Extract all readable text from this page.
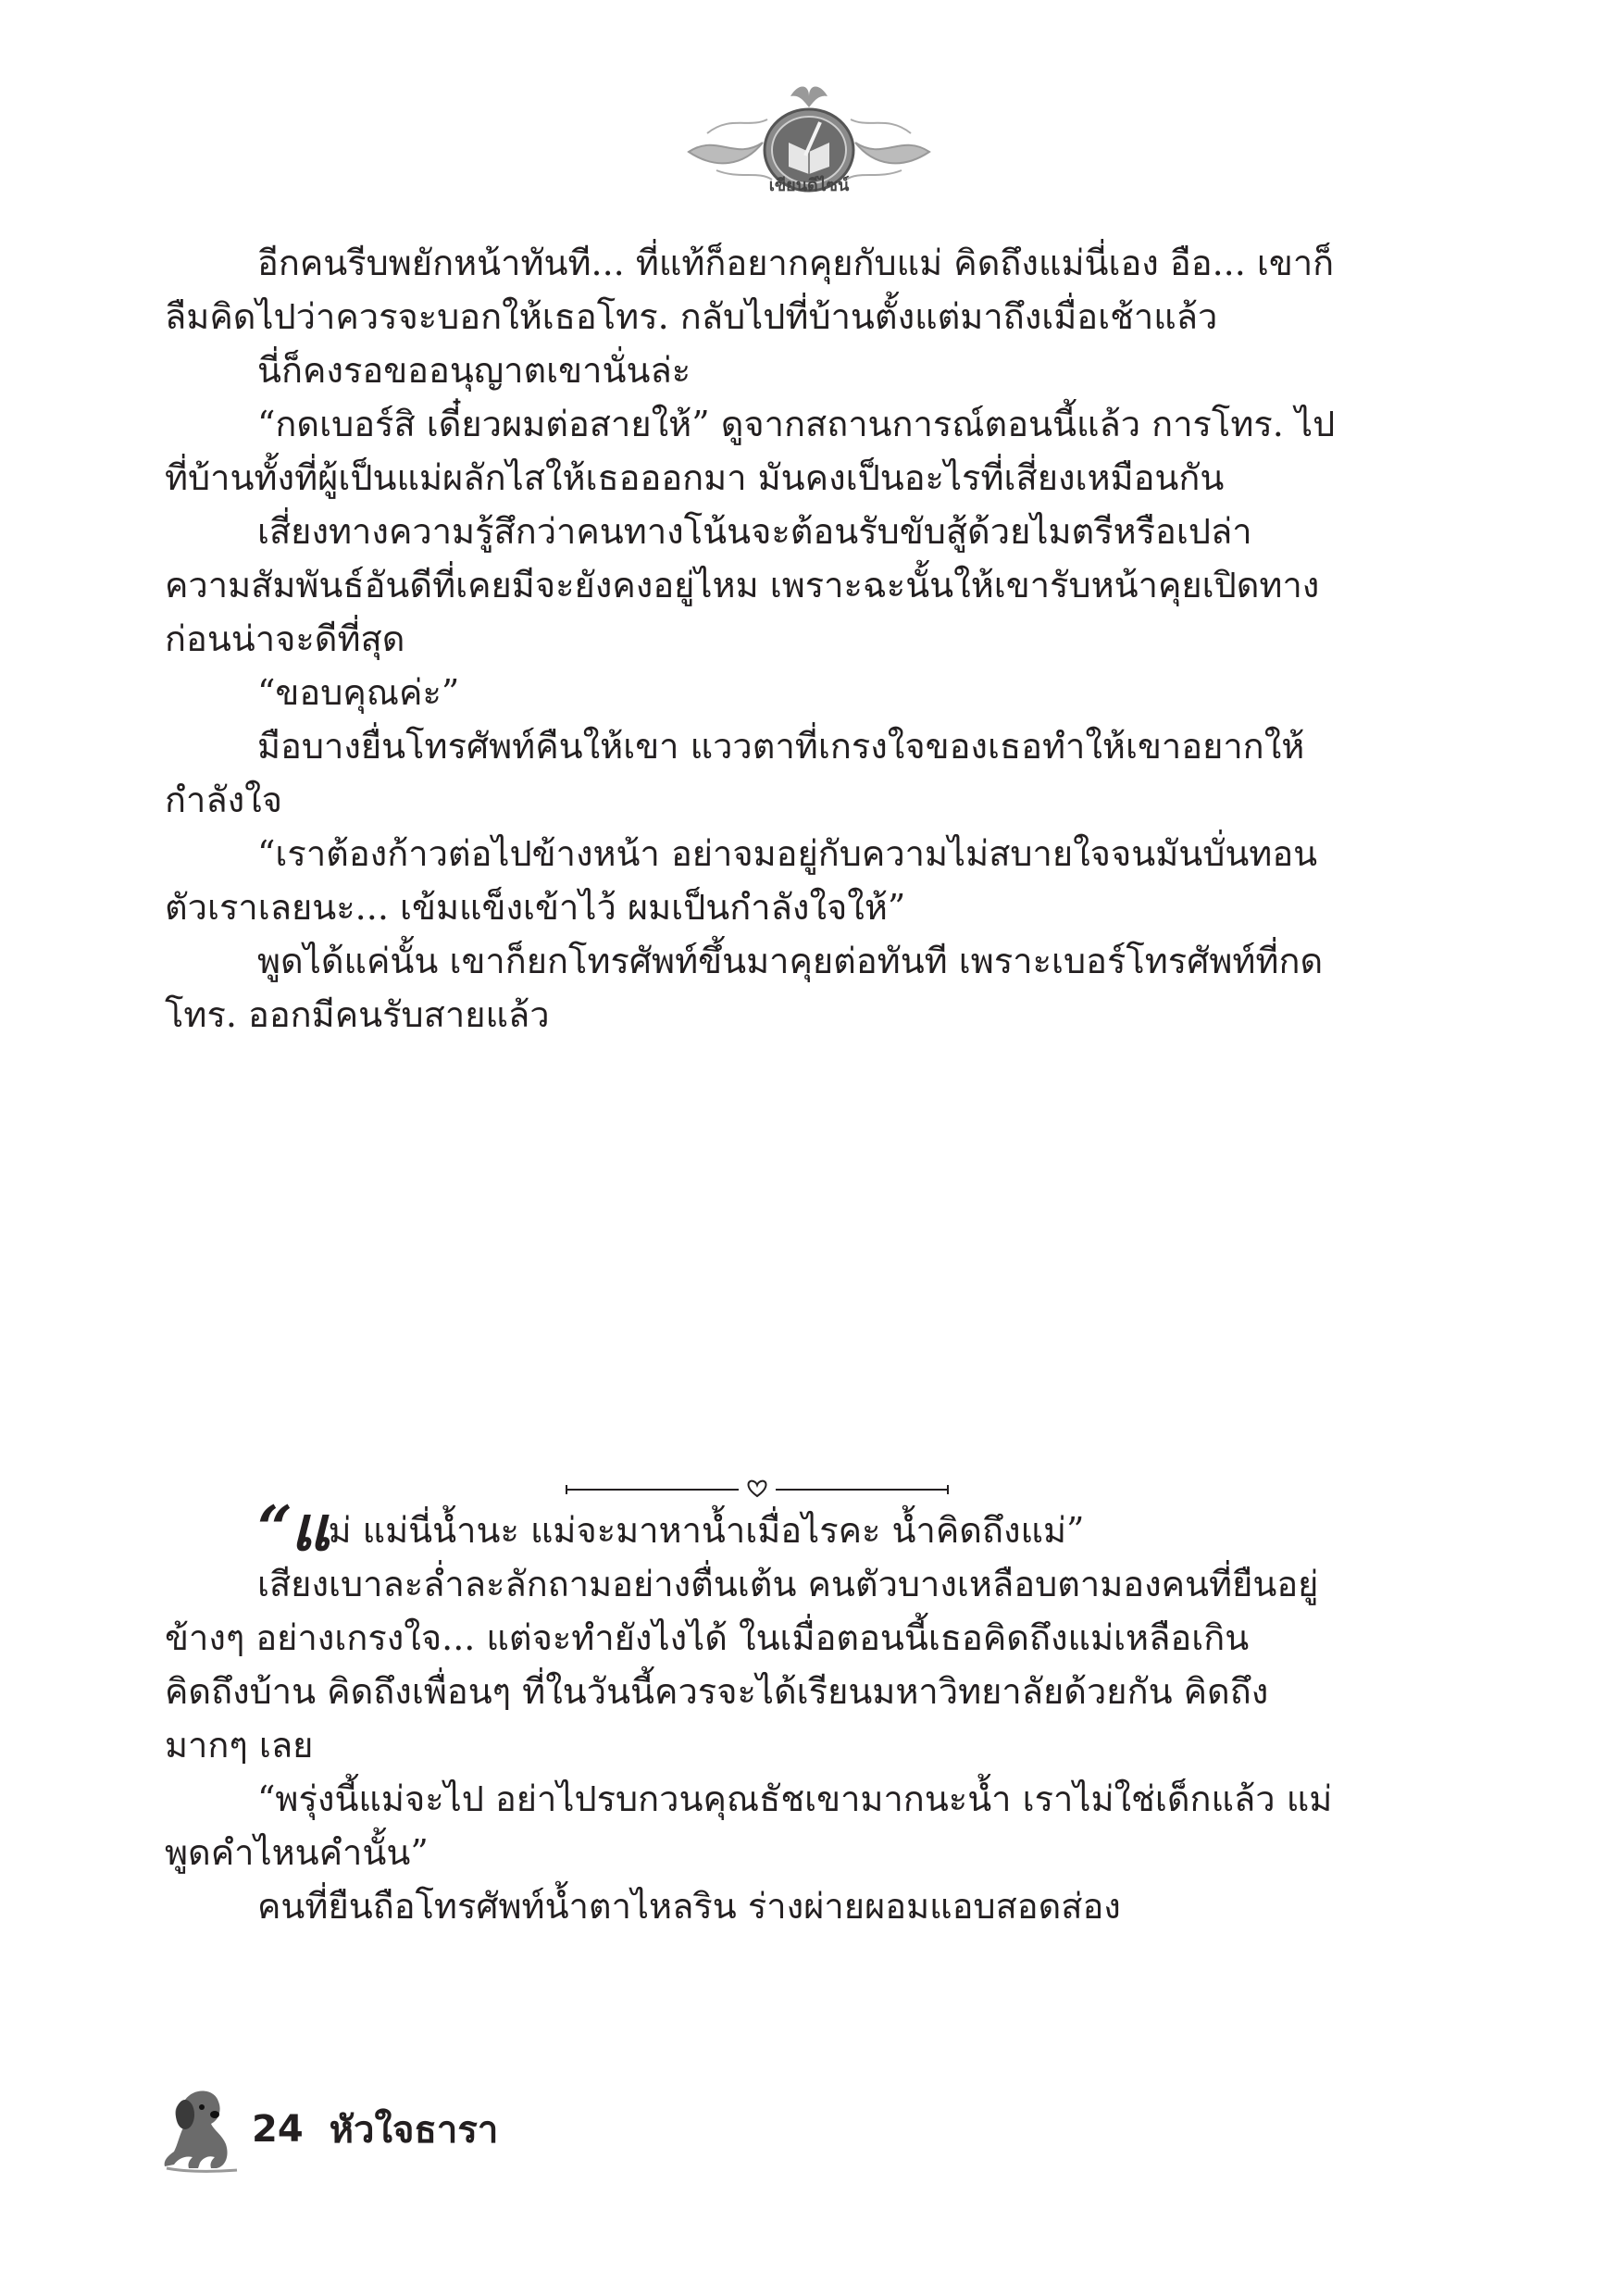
เขียนดีไซน์

อีกคนรีบพยักหน้าทันที... ที่แท้ก็อยากคุยกับแม่ คิดถึงแม่นี่เอง อือ... เขาก็ลืมคิดไปว่าควรจะบอกให้เธอโทร. กลับไปที่บ้านตั้งแต่มาถึงเมื่อเช้าแล้ว

นี่ก็คงรอขออนุญาตเขานั่นล่ะ

“กดเบอร์สิ เดี๋ยวผมต่อสายให้” ดูจากสถานการณ์ตอนนี้แล้ว การโทร. ไปที่บ้านทั้งที่ผู้เป็นแม่ผลักไสให้เธอออกมา มันคงเป็นอะไรที่เสี่ยงเหมือนกัน

เสี่ยงทางความรู้สึกว่าคนทางโน้นจะต้อนรับขับสู้ด้วยไมตรีหรือเปล่า ความสัมพันธ์อันดีที่เคยมีจะยังคงอยู่ไหม เพราะฉะนั้นให้เขารับหน้าคุยเปิดทางก่อนน่าจะดีที่สุด

“ขอบคุณค่ะ”

มือบางยื่นโทรศัพท์คืนให้เขา แววตาที่เกรงใจของเธอทำให้เขาอยากให้กำลังใจ

“เราต้องก้าวต่อไปข้างหน้า อย่าจมอยู่กับความไม่สบายใจจนมันบั่นทอนตัวเราเลยนะ... เข้มแข็งเข้าไว้ ผมเป็นกำลังใจให้”

พูดได้แค่นั้น เขาก็ยกโทรศัพท์ขึ้นมาคุยต่อทันที เพราะเบอร์โทรศัพท์ที่กดโทร. ออกมีคนรับสายแล้ว

“แม่ แม่นี่น้ำนะ แม่จะมาหาน้ำเมื่อไรคะ น้ำคิดถึงแม่”

เสียงเบาละล่ำละลักถามอย่างตื่นเต้น คนตัวบางเหลือบตามองคนที่ยืนอยู่ข้างๆ อย่างเกรงใจ... แต่จะทำยังไงได้ ในเมื่อตอนนี้เธอคิดถึงแม่เหลือเกิน คิดถึงบ้าน คิดถึงเพื่อนๆ ที่ในวันนี้ควรจะได้เรียนมหาวิทยาลัยด้วยกัน คิดถึงมากๆ เลย

“พรุ่งนี้แม่จะไป อย่าไปรบกวนคุณธัชเขามากนะน้ำ เราไม่ใช่เด็กแล้ว แม่พูดคำไหนคำนั้น”

คนที่ยืนถือโทรศัพท์น้ำตาไหลริน ร่างผ่ายผอมแอบสอดส่อง

24 หัวใจธารา
